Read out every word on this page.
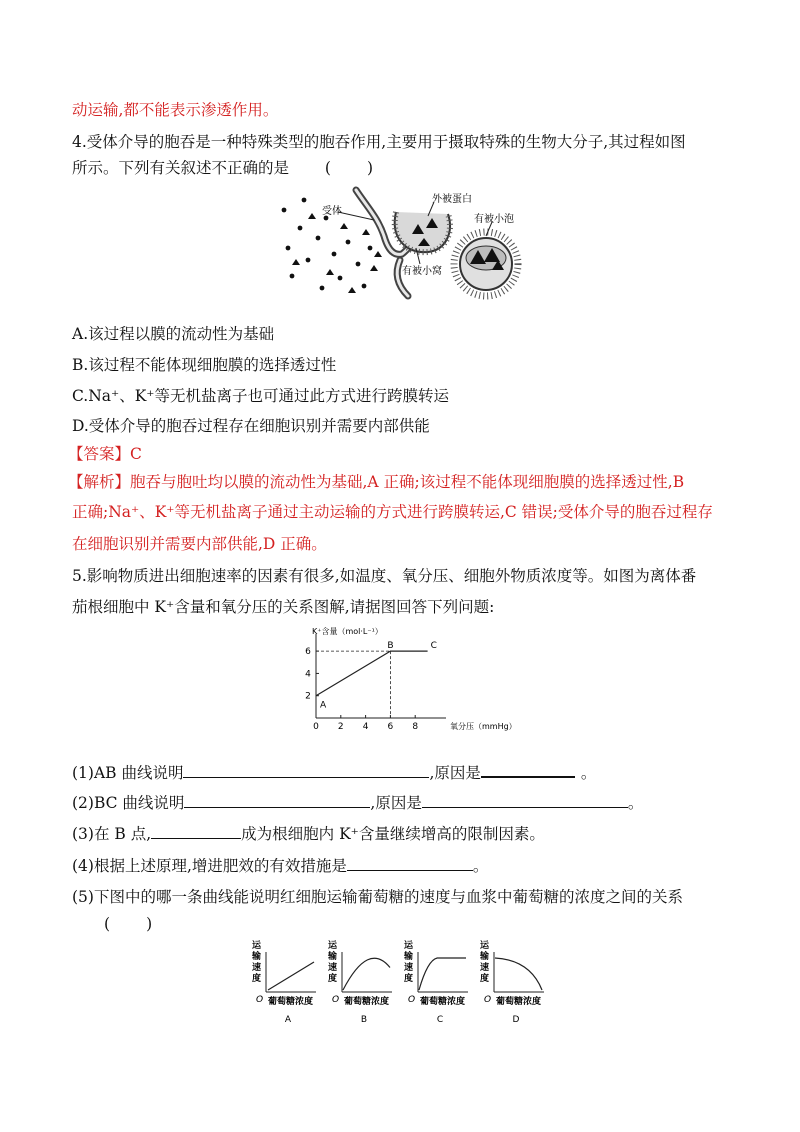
动运输,都不能表示渗透作用。
4.受体介导的胞吞是一种特殊类型的胞吞作用,主要用于摄取特殊的生物大分子,其过程如图
所示。下列有关叙述不正确的是 ( )
受体
外被蛋白
有被小泡
有被小窝
A.该过程以膜的流动性为基础
B.该过程不能体现细胞膜的选择透过性
C.Na⁺、K⁺等无机盐离子也可通过此方式进行跨膜转运
D.受体介导的胞吞过程存在细胞识别并需要内部供能
【答案】C
【解析】胞吞与胞吐均以膜的流动性为基础,A 正确;该过程不能体现细胞膜的选择透过性,B
正确;Na⁺、K⁺等无机盐离子通过主动运输的方式进行跨膜转运,C 错误;受体介导的胞吞过程存
在细胞识别并需要内部供能,D 正确。
5.影响物质进出细胞速率的因素有很多,如温度、氧分压、细胞外物质浓度等。如图为离体番
茄根细胞中 K⁺含量和氧分压的关系图解,请据图回答下列问题:
0 2 4 6 8
2
4
6
A
B	C
K⁺含量（mol·L⁻¹）
氧分压（mmHg）
(1)AB 曲线说明	,原因是	。
(2)BC 曲线说明	,原因是	。
(3)在 B 点,	成为根细胞内 K⁺含量继续增高的限制因素。
(4)根据上述原理,增进肥效的有效措施是	。
(5)下图中的哪一条曲线能说明红细胞运输葡萄糖的速度与血浆中葡萄糖的浓度之间的关系
( )
运
输
速
度
O 葡萄糖浓度
A
运
输
速
度
O 葡萄糖浓度
B
运
输
速
度
O 葡萄糖浓度
C
运
输
速
度
O 葡萄糖浓度
D
